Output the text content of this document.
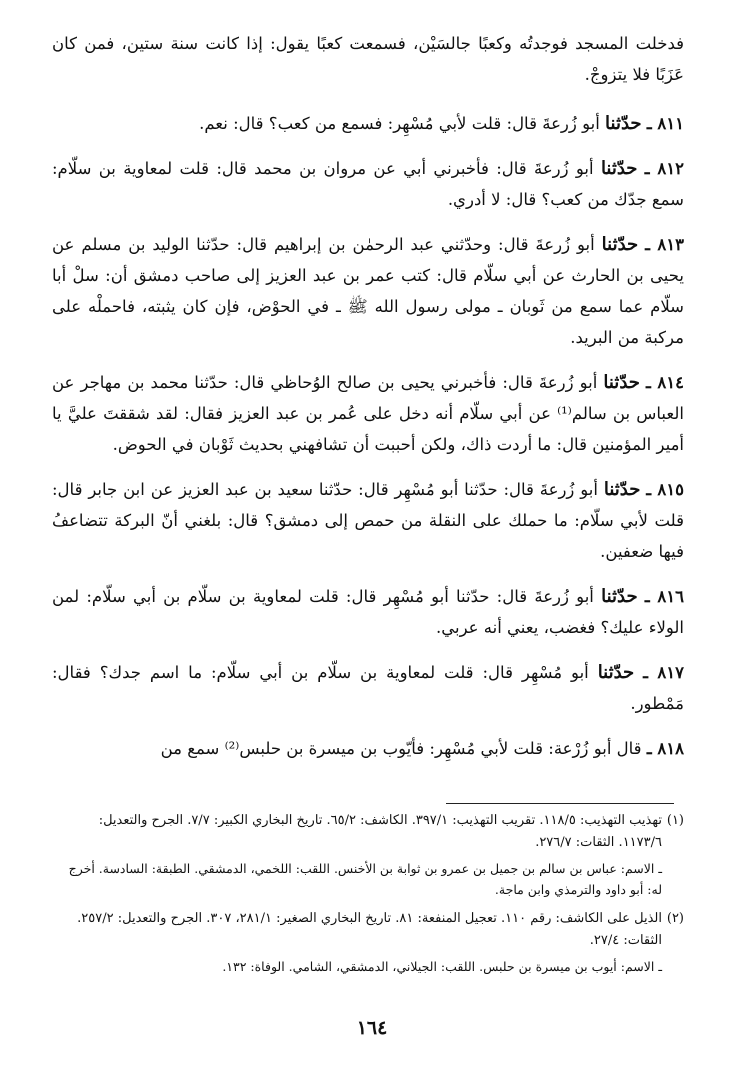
فدخلت المسجد فوجدتُه وكعبًا جالسَيْن، فسمعت كعبًا يقول: إذا كانت سنة ستين، فمن كان عَزَبًا فلا يتزوجْ.

٨١١ ـ حدّثنا أبو زُرعةَ قال: قلت لأبي مُسْهِر: فسمع من كعب؟ قال: نعم.

٨١٢ ـ حدّثنا أبو زُرعةَ قال: فأخبرني أبي عن مروان بن محمد قال: قلت لمعاوية بن سلّام: سمع جدّك من كعب؟ قال: لا أدري.

٨١٣ ـ حدّثنا أبو زُرعةَ قال: وحدّثني عبد الرحمٰن بن إبراهيم قال: حدّثنا الوليد بن مسلم عن يحيى بن الحارث عن أبي سلّام قال: كتب عمر بن عبد العزيز إلى صاحب دمشق أن: سلْ أبا سلّام عما سمع من ثَوبان ـ مولى رسول الله ﷺ ـ في الحوْض، فإن كان يثبته، فاحملْه على مركبة من البريد.

٨١٤ ـ حدّثنا أبو زُرعةَ قال: فأخبرني يحيى بن صالح الوُحاظي قال: حدّثنا محمد بن مهاجر عن العباس بن سالم⁽¹⁾ عن أبي سلّام أنه دخل على عُمر بن عبد العزيز فقال: لقد شققتَ عليَّ يا أمير المؤمنين قال: ما أردت ذاك، ولكن أحببت أن تشافهني بحديث ثَوْبان في الحوض.

٨١٥ ـ حدّثنا أبو زُرعةَ قال: حدّثنا أبو مُسْهِر قال: حدّثنا سعيد بن عبد العزيز عن ابن جابر قال: قلت لأبي سلّام: ما حملك على النقلة من حمص إلى دمشق؟ قال: بلغني أنّ البركة تتضاعفُ فيها ضعفين.

٨١٦ ـ حدّثنا أبو زُرعةَ قال: حدّثنا أبو مُسْهِر قال: قلت لمعاوية بن سلّام بن أبي سلّام: لمن الولاء عليك؟ فغضب، يعني أنه عربي.

٨١٧ ـ حدّثنا أبو مُسْهِر قال: قلت لمعاوية بن سلّام بن أبي سلّام: ما اسم جدك؟ فقال: مَمْطور.

٨١٨ ـ قال أبو زُرْعة: قلت لأبي مُسْهِر: فأيّوب بن ميسرة بن حلبس⁽²⁾ سمع من

(١)
تهذيب التهذيب: ١١٨/٥. تقريب التهذيب: ٣٩٧/١. الكاشف: ٦٥/٢. تاريخ البخاري الكبير: ٧/٧. الجرح والتعديل: ١١٧٣/٦. الثقات: ٢٧٦/٧.

ـ الاسم: عباس بن سالم بن جميل بن عمرو بن ثوابة بن الأخنس. اللقب: اللخمي، الدمشقي. الطبقة: السادسة. أخرج له: أبو داود والترمذي وابن ماجة.

(٢)
الذيل على الكاشف: رقم ١١٠. تعجيل المنفعة: ٨١. تاريخ البخاري الصغير: ٢٨١/١، ٣٠٧. الجرح والتعديل: ٢٥٧/٢. الثقات: ٢٧/٤.

ـ الاسم: أيوب بن ميسرة بن حلبس. اللقب: الجيلاني، الدمشقي، الشامي. الوفاة: ١٣٢.

١٦٤
